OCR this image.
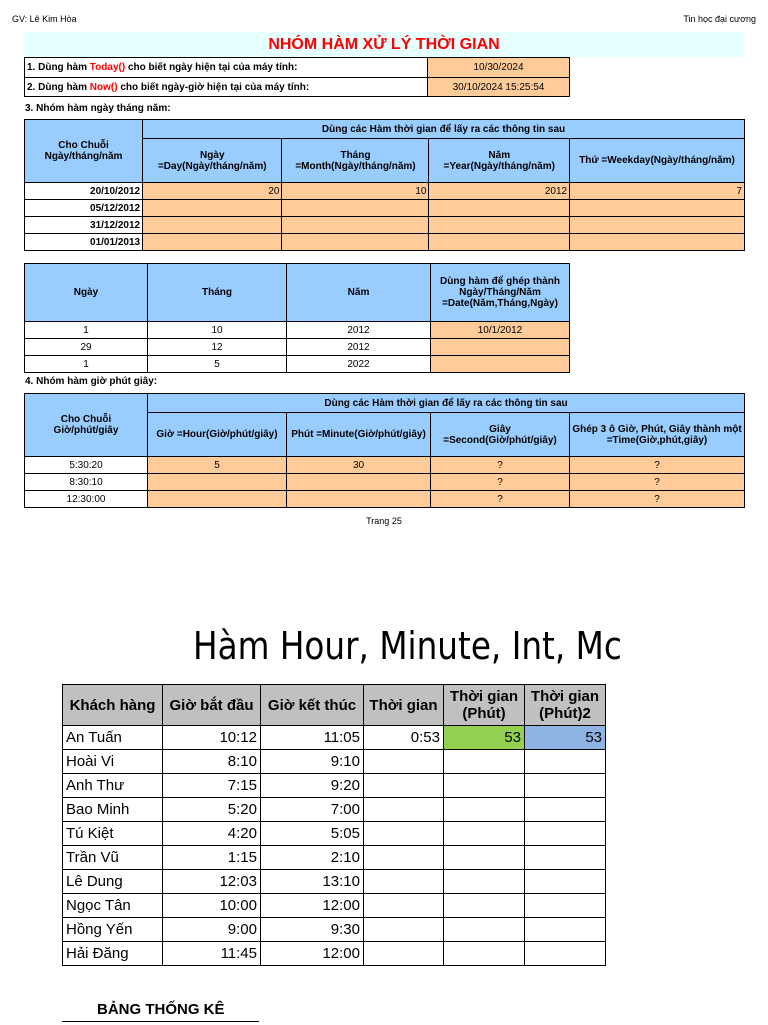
GV: Lê Kim Hòa	Tin học đại cương
NHÓM HÀM XỬ LÝ THỜI GIAN
1. Dùng hàm Today() cho biết ngày hiện tại của máy tính:	10/30/2024
2. Dùng hàm Now() cho biết ngày-giờ hiện tại của máy tính:	30/10/2024 15:25:54
3. Nhóm hàm ngày tháng năm:
Cho Chuỗi Ngày/tháng/năm	Dùng các Hàm thời gian để lấy ra các thông tin sau			
	Ngày =Day(Ngày/tháng/năm)	Tháng =Month(Ngày/tháng/năm)	Năm =Year(Ngày/tháng/năm)	Thứ =Weekday(Ngày/tháng/năm)
20/10/2012	20	10	2012	7
05/12/2012				
31/12/2012				
01/01/2013				
Ngày	Tháng	Năm	Dùng hàm để ghép thành Ngày/Tháng/Năm =Date(Năm,Tháng,Ngày)
1	10	2012	10/1/2012
29	12	2012	
1	5	2022	
4. Nhóm hàm giờ phút giây:
Cho Chuỗi Giờ/phút/giây	Dùng các Hàm thời gian để lấy ra các thông tin sau			
	Giờ =Hour(Giờ/phút/giây)	Phút =Minute(Giờ/phút/giây)	Giây =Second(Giờ/phút/giây)	Ghép 3 ô Giờ, Phút, Giây thành một =Time(Giờ,phút,giây)
5:30:20	5	30	?	?
8:30:10			?	?
12:30:00			?	?
Trang 25
Hàm Hour, Minute, Int, Mc
Khách hàng	Giờ bắt đầu	Giờ kết thúc	Thời gian	Thời gian (Phút)	Thời gian (Phút)2
An Tuấn	10:12	11:05	0:53	53	53
Hoài Vi	8:10	9:10			
Anh Thư	7:15	9:20			
Bao Minh	5:20	7:00			
Tú Kiệt	4:20	5:05			
Trần Vũ	1:15	2:10			
Lê Dung	12:03	13:10			
Ngọc Tân	10:00	12:00			
Hồng Yến	9:00	9:30			
Hải Đăng	11:45	12:00			
BẢNG THỐNG KÊ
